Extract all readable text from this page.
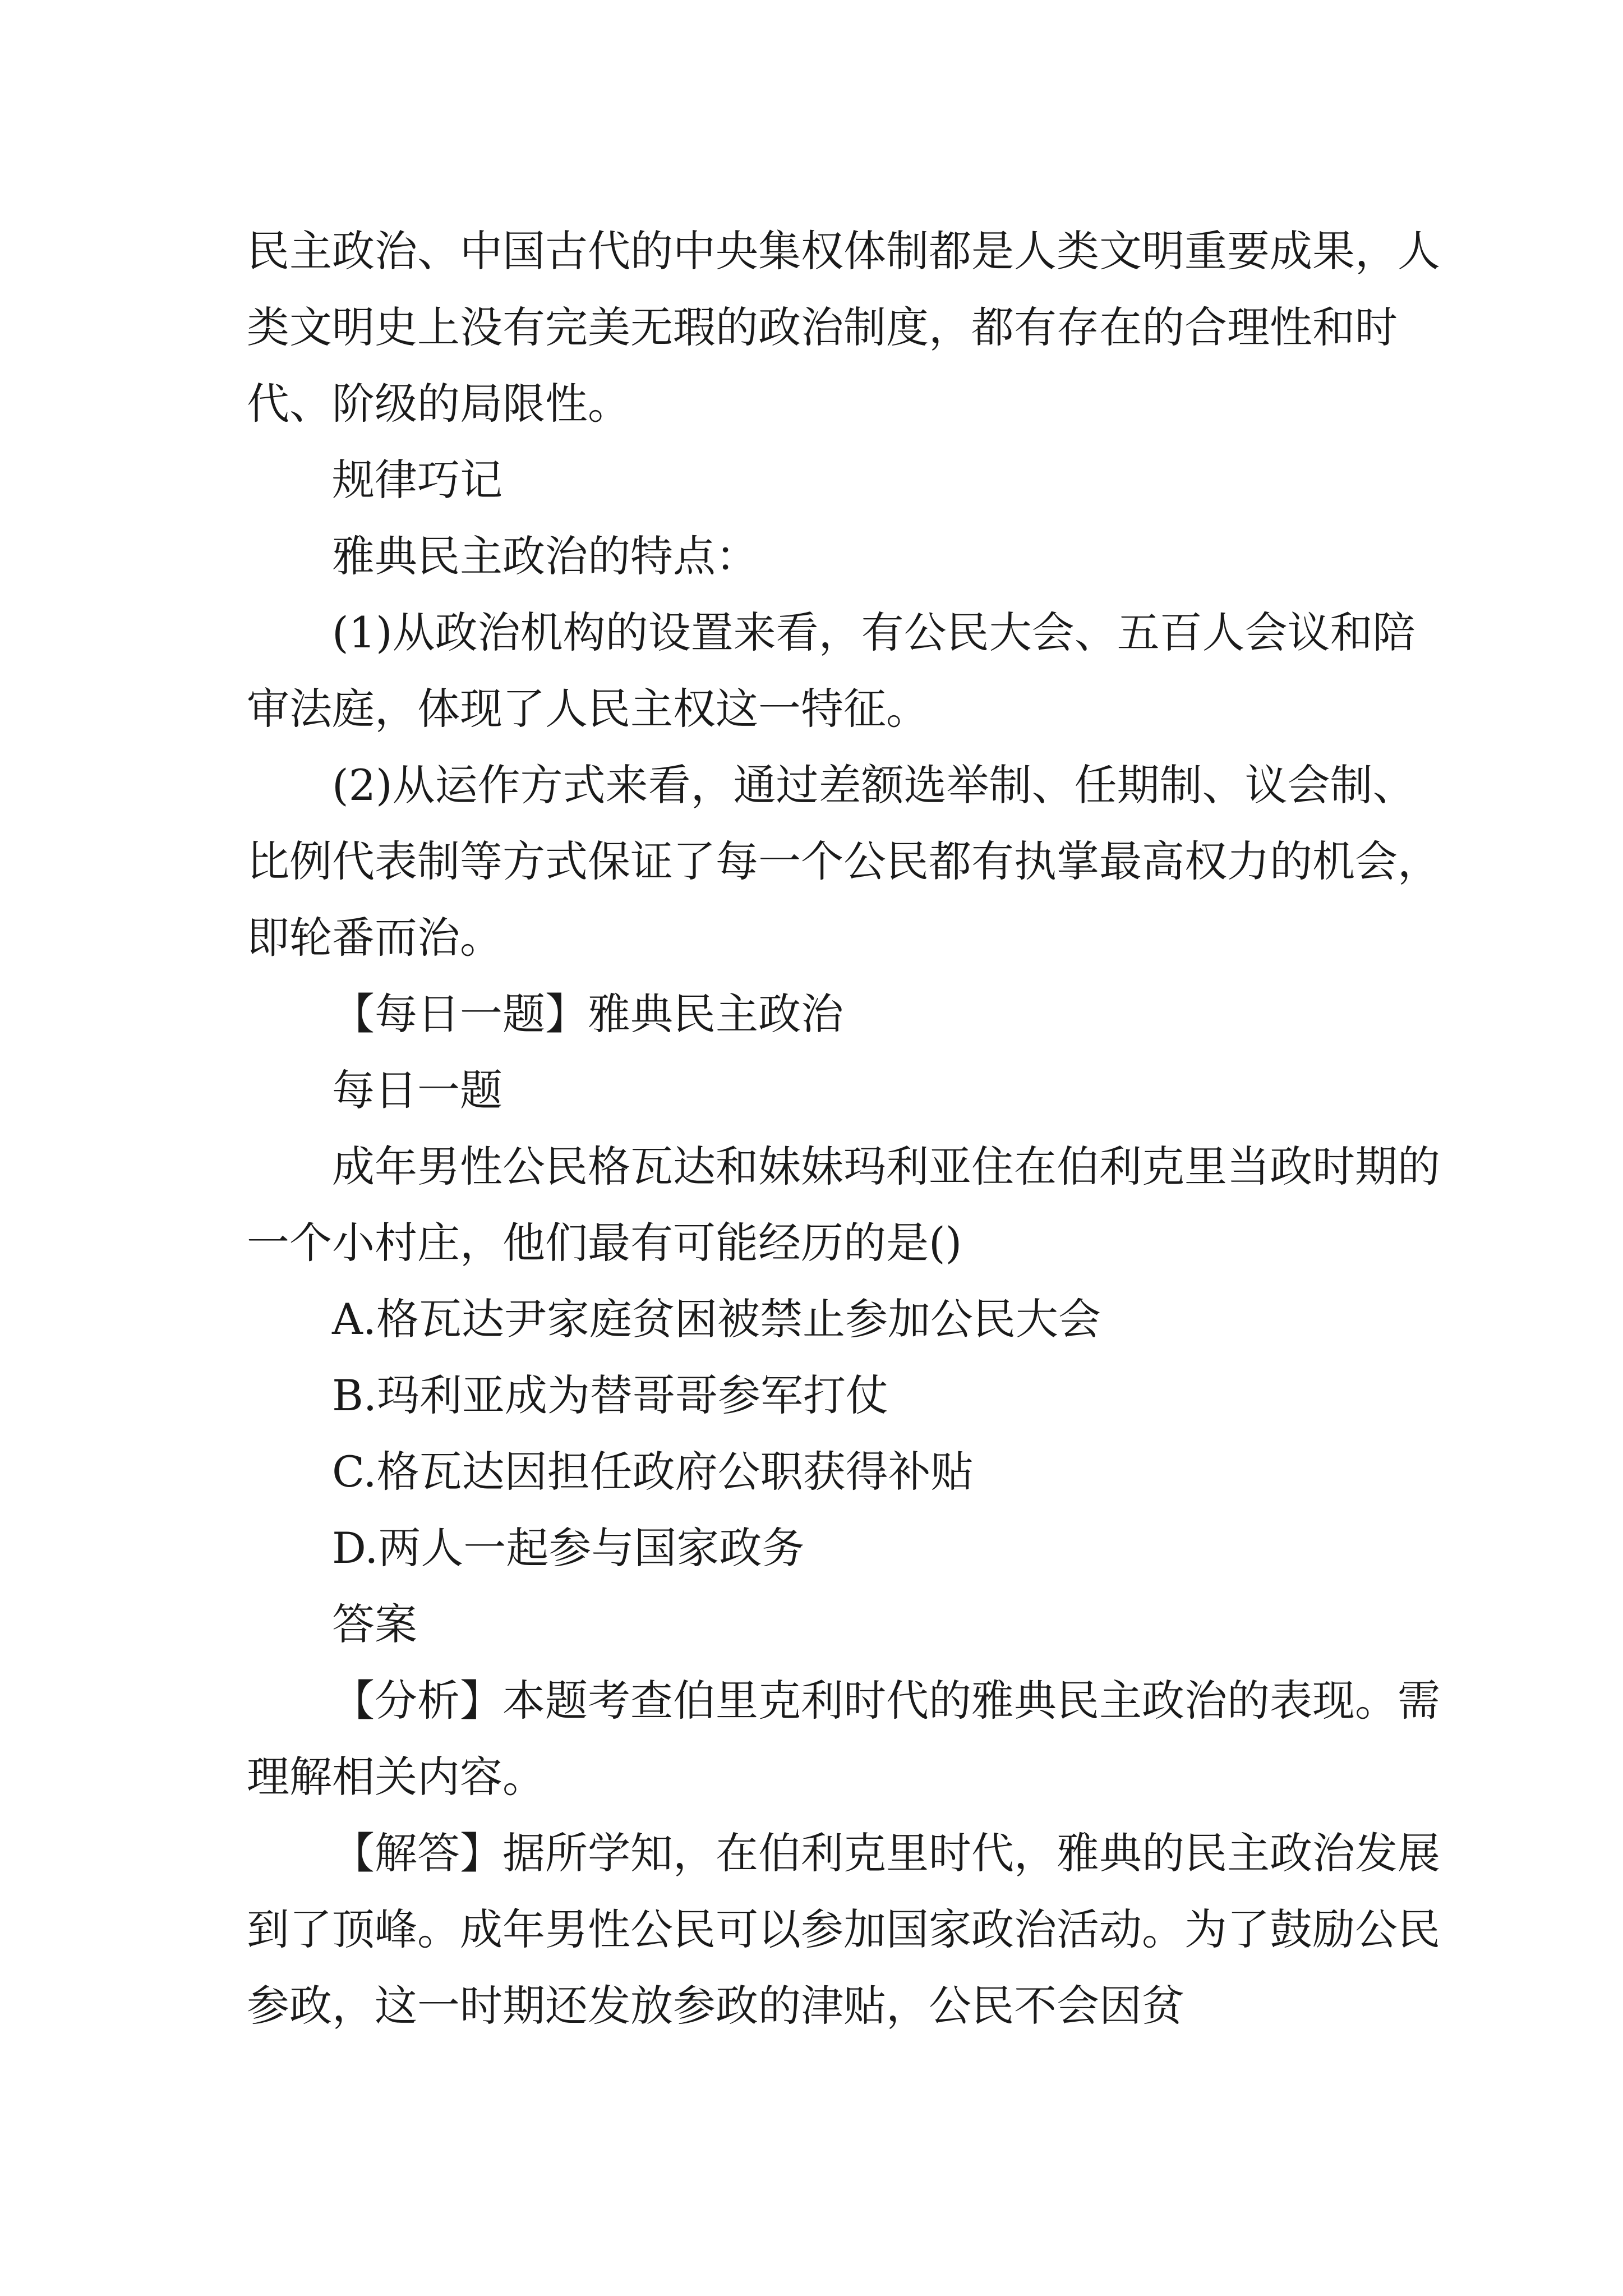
民主政治、中国古代的中央集权体制都是人类文明重要成果，人类文明史上没有完美无瑕的政治制度，都有存在的合理性和时代、阶级的局限性。

规律巧记

雅典民主政治的特点：

(1)从政治机构的设置来看，有公民大会、五百人会议和陪审法庭，体现了人民主权这一特征。

(2)从运作方式来看，通过差额选举制、任期制、议会制、比例代表制等方式保证了每一个公民都有执掌最高权力的机会，即轮番而治。

【每日一题】雅典民主政治

每日一题

成年男性公民格瓦达和妹妹玛利亚住在伯利克里当政时期的一个小村庄，他们最有可能经历的是()

A.格瓦达尹家庭贫困被禁止参加公民大会

B.玛利亚成为替哥哥参军打仗

C.格瓦达因担任政府公职获得补贴

D.两人一起参与国家政务

答案

【分析】本题考查伯里克利时代的雅典民主政治的表现。需理解相关内容。

【解答】据所学知，在伯利克里时代，雅典的民主政治发展到了顶峰。成年男性公民可以参加国家政治活动。为了鼓励公民参政，这一时期还发放参政的津贴，公民不会因贫
